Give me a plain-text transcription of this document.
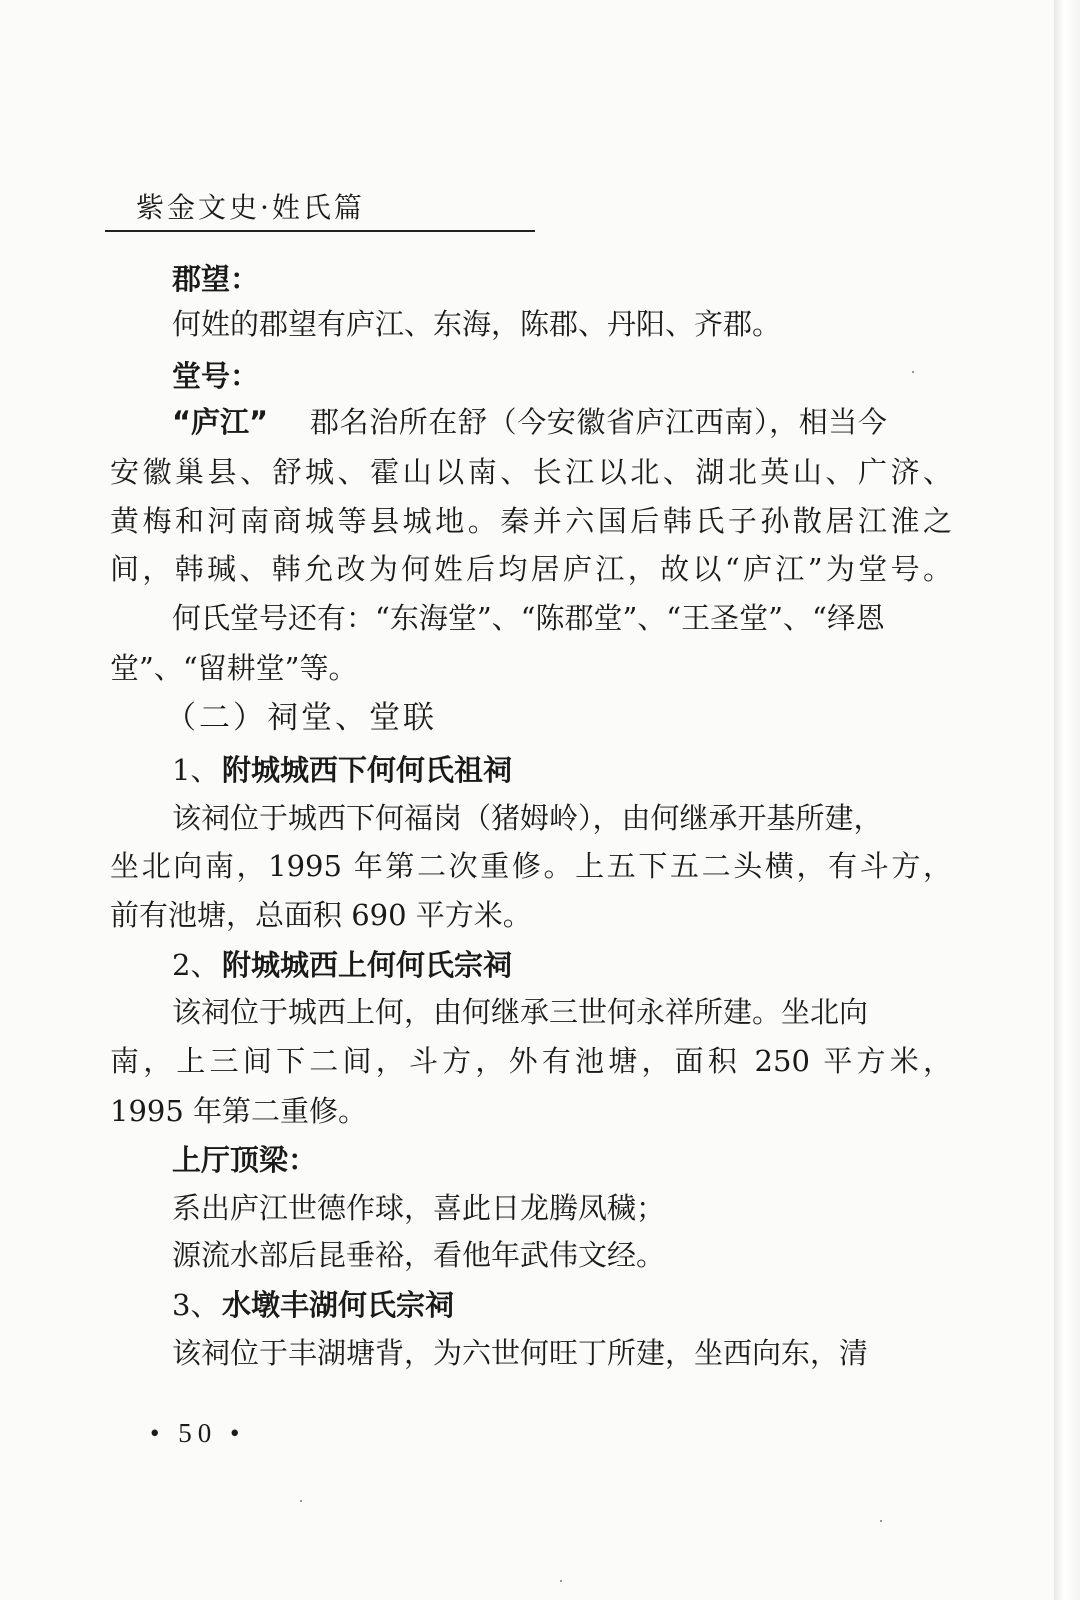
紫金文史·姓氏篇
郡望：
何姓的郡望有庐江、东海，陈郡、丹阳、齐郡。
堂号：
“庐江” 郡名治所在舒（今安徽省庐江西南），相当今
安徽巢县、舒城、霍山以南、长江以北、湖北英山、广济、
黄梅和河南商城等县城地。秦并六国后韩氏子孙散居江淮之
间，韩瑊、韩允改为何姓后均居庐江，故以“庐江”为堂号。
何氏堂号还有：“东海堂”、“陈郡堂”、“王圣堂”、“绎恩
堂”、“留耕堂”等。
（二）祠堂、堂联
1、 附城城西下何何氏祖祠
该祠位于城西下何福岗（猪姆岭），由何继承开基所建，
坐北向南，1995 年第二次重修。上五下五二头横，有斗方，
前有池塘，总面积 690 平方米。
2、 附城城西上何何氏宗祠
该祠位于城西上何，由何继承三世何永祥所建。坐北向
南，上三间下二间，斗方，外有池塘，面积 250 平方米，
1995 年第二重修。
上厅顶梁：
系出庐江世德作球，喜此日龙腾凤穢；
源流水部后昆垂裕，看他年武伟文经。
3、 水墩丰湖何氏宗祠
该祠位于丰湖塘背，为六世何旺丁所建，坐西向东，清
• 50 •
